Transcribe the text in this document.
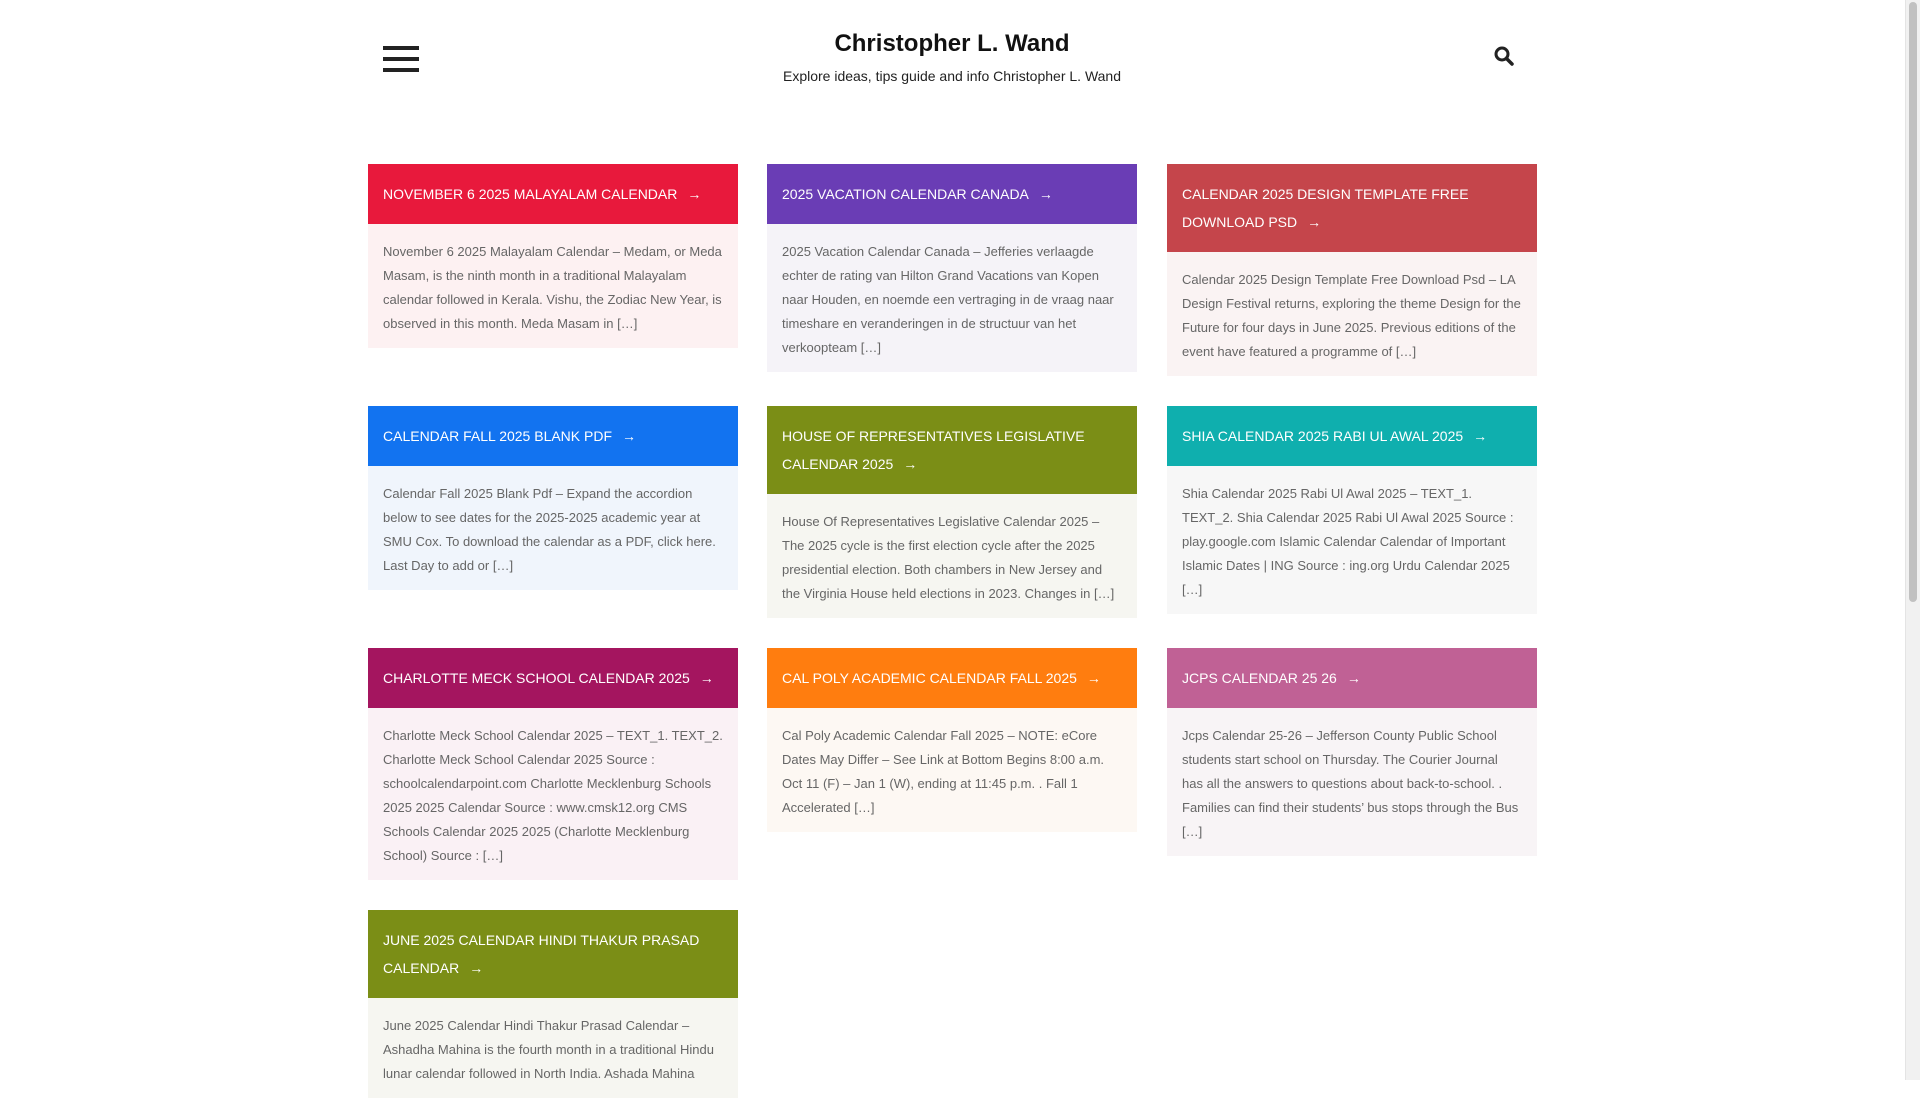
Christopher L. Wand

Explore ideas, tips guide and info Christopher L. Wand

NOVEMBER 6 2025 MALAYALAM CALENDAR →
November 6 2025 Malayalam Calendar – Medam, or Meda Masam, is the ninth month in a traditional Malayalam calendar followed in Kerala. Vishu, the Zodiac New Year, is observed in this month. Meda Masam in […]
2025 VACATION CALENDAR CANADA →
2025 Vacation Calendar Canada – Jefferies verlaagde echter de rating van Hilton Grand Vacations van Kopen naar Houden, en noemde een vertraging in de vraag naar timeshare en veranderingen in de structuur van het verkoopteam […]
CALENDAR 2025 DESIGN TEMPLATE FREE DOWNLOAD PSD →
Calendar 2025 Design Template Free Download Psd – LA Design Festival returns, exploring the theme Design for the Future for four days in June 2025. Previous editions of the event have featured a programme of […]
CALENDAR FALL 2025 BLANK PDF →
Calendar Fall 2025 Blank Pdf – Expand the accordion below to see dates for the 2025-2025 academic year at SMU Cox. To download the calendar as a PDF, click here. Last Day to add or […]
HOUSE OF REPRESENTATIVES LEGISLATIVE CALENDAR 2025 →
House Of Representatives Legislative Calendar 2025 – The 2025 cycle is the first election cycle after the 2025 presidential election. Both chambers in New Jersey and the Virginia House held elections in 2023. Changes in […]
SHIA CALENDAR 2025 RABI UL AWAL 2025 →
Shia Calendar 2025 Rabi Ul Awal 2025 – TEXT_1. TEXT_2. Shia Calendar 2025 Rabi Ul Awal 2025 Source : play.google.com Islamic Calendar Calendar of Important Islamic Dates | ING Source : ing.org Urdu Calendar 2025 […]
CHARLOTTE MECK SCHOOL CALENDAR 2025 →
Charlotte Meck School Calendar 2025 – TEXT_1. TEXT_2. Charlotte Meck School Calendar 2025 Source : schoolcalendarpoint.com Charlotte Mecklenburg Schools 2025 2025 Calendar Source : www.cmsk12.org CMS Schools Calendar 2025 2025 (Charlotte Mecklenburg School) Source : […]
CAL POLY ACADEMIC CALENDAR FALL 2025 →
Cal Poly Academic Calendar Fall 2025 – NOTE: eCore Dates May Differ – See Link at Bottom Begins 8:00 a.m. Oct 11 (F) – Jan 1 (W), ending at 11:45 p.m. . Fall 1 Accelerated […]
JCPS CALENDAR 25 26 →
Jcps Calendar 25-26 – Jefferson County Public School students start school on Thursday. The Courier Journal has all the answers to questions about back-to-school. . Families can find their students’ bus stops through the Bus […]
JUNE 2025 CALENDAR HINDI THAKUR PRASAD CALENDAR →
June 2025 Calendar Hindi Thakur Prasad Calendar – Ashadha Mahina is the fourth month in a traditional Hindu lunar calendar followed in North India. Ashada Mahina
